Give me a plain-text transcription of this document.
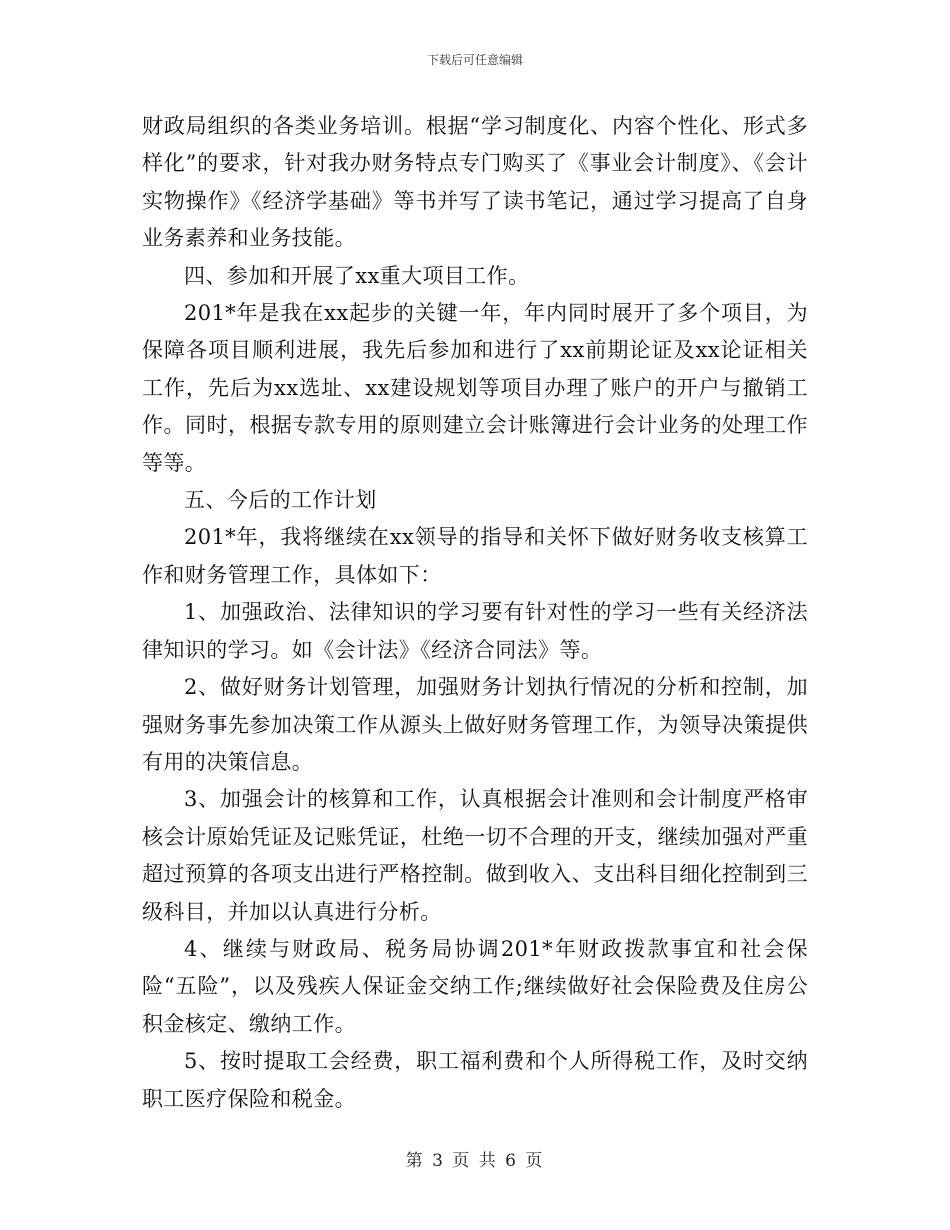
下载后可任意编辑

财政局组织的各类业务培训。根据“学习制度化、内容个性化、形式多样化”的要求，针对我办财务特点专门购买了《事业会计制度》、《会计实物操作》《经济学基础》等书并写了读书笔记，通过学习提高了自身业务素养和业务技能。

四、参加和开展了xx重大项目工作。

201*年是我在xx起步的关键一年，年内同时展开了多个项目，为保障各项目顺利进展，我先后参加和进行了xx前期论证及xx论证相关工作，先后为xx选址、xx建设规划等项目办理了账户的开户与撤销工作。同时，根据专款专用的原则建立会计账簿进行会计业务的处理工作等等。

五、今后的工作计划

201*年，我将继续在xx领导的指导和关怀下做好财务收支核算工作和财务管理工作，具体如下：

1、加强政治、法律知识的学习要有针对性的学习一些有关经济法律知识的学习。如《会计法》《经济合同法》等。

2、做好财务计划管理，加强财务计划执行情况的分析和控制，加强财务事先参加决策工作从源头上做好财务管理工作，为领导决策提供有用的决策信息。

3、加强会计的核算和工作，认真根据会计准则和会计制度严格审核会计原始凭证及记账凭证，杜绝一切不合理的开支，继续加强对严重超过预算的各项支出进行严格控制。做到收入、支出科目细化控制到三级科目，并加以认真进行分析。

4、继续与财政局、税务局协调201*年财政拨款事宜和社会保险“五险”，以及残疾人保证金交纳工作;继续做好社会保险费及住房公积金核定、缴纳工作。

5、按时提取工会经费，职工福利费和个人所得税工作，及时交纳职工医疗保险和税金。

第 3 页 共 6 页
